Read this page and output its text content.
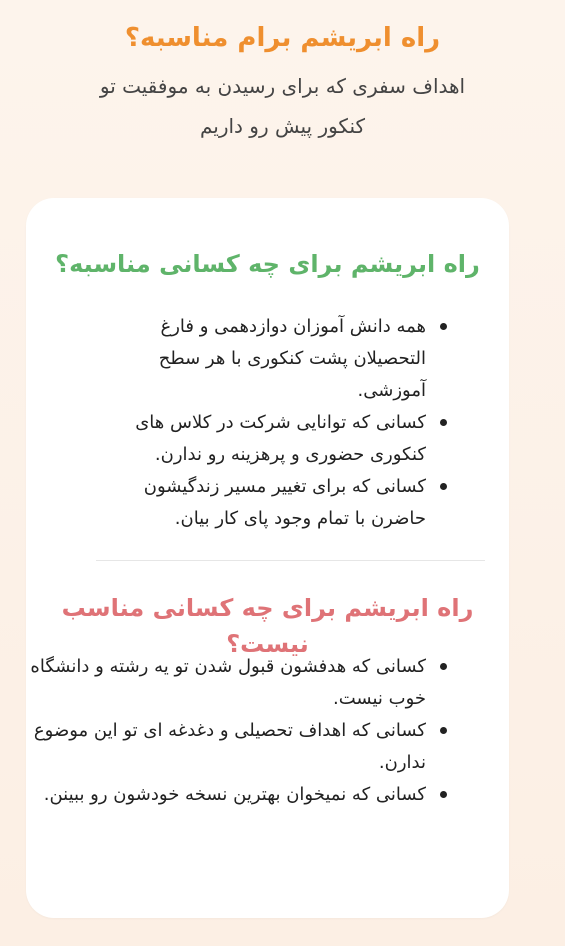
راه ابریشم برام مناسبه؟

اهداف سفری که برای رسیدن به موفقیت تو کنکور پیش رو داریم

راه ابریشم برای چه کسانی مناسبه؟
همه دانش آموزان دوازدهمی و فارغ التحصیلان پشت کنکوری با هر سطح آموزشی.
کسانی که توانایی شرکت در کلاس های کنکوری حضوری و پرهزینه رو ندارن.
کسانی که برای تغییر مسیر زندگیشون حاضرن با تمام وجود پای کار بیان.
راه ابریشم برای چه کسانی مناسب نیست؟
کسانی که هدفشون قبول شدن تو یه رشته و دانشگاه خوب نیست.
کسانی که اهداف تحصیلی و دغدغه ای تو این موضوع ندارن.
کسانی که نمیخوان بهترین نسخه خودشون رو ببینن.
